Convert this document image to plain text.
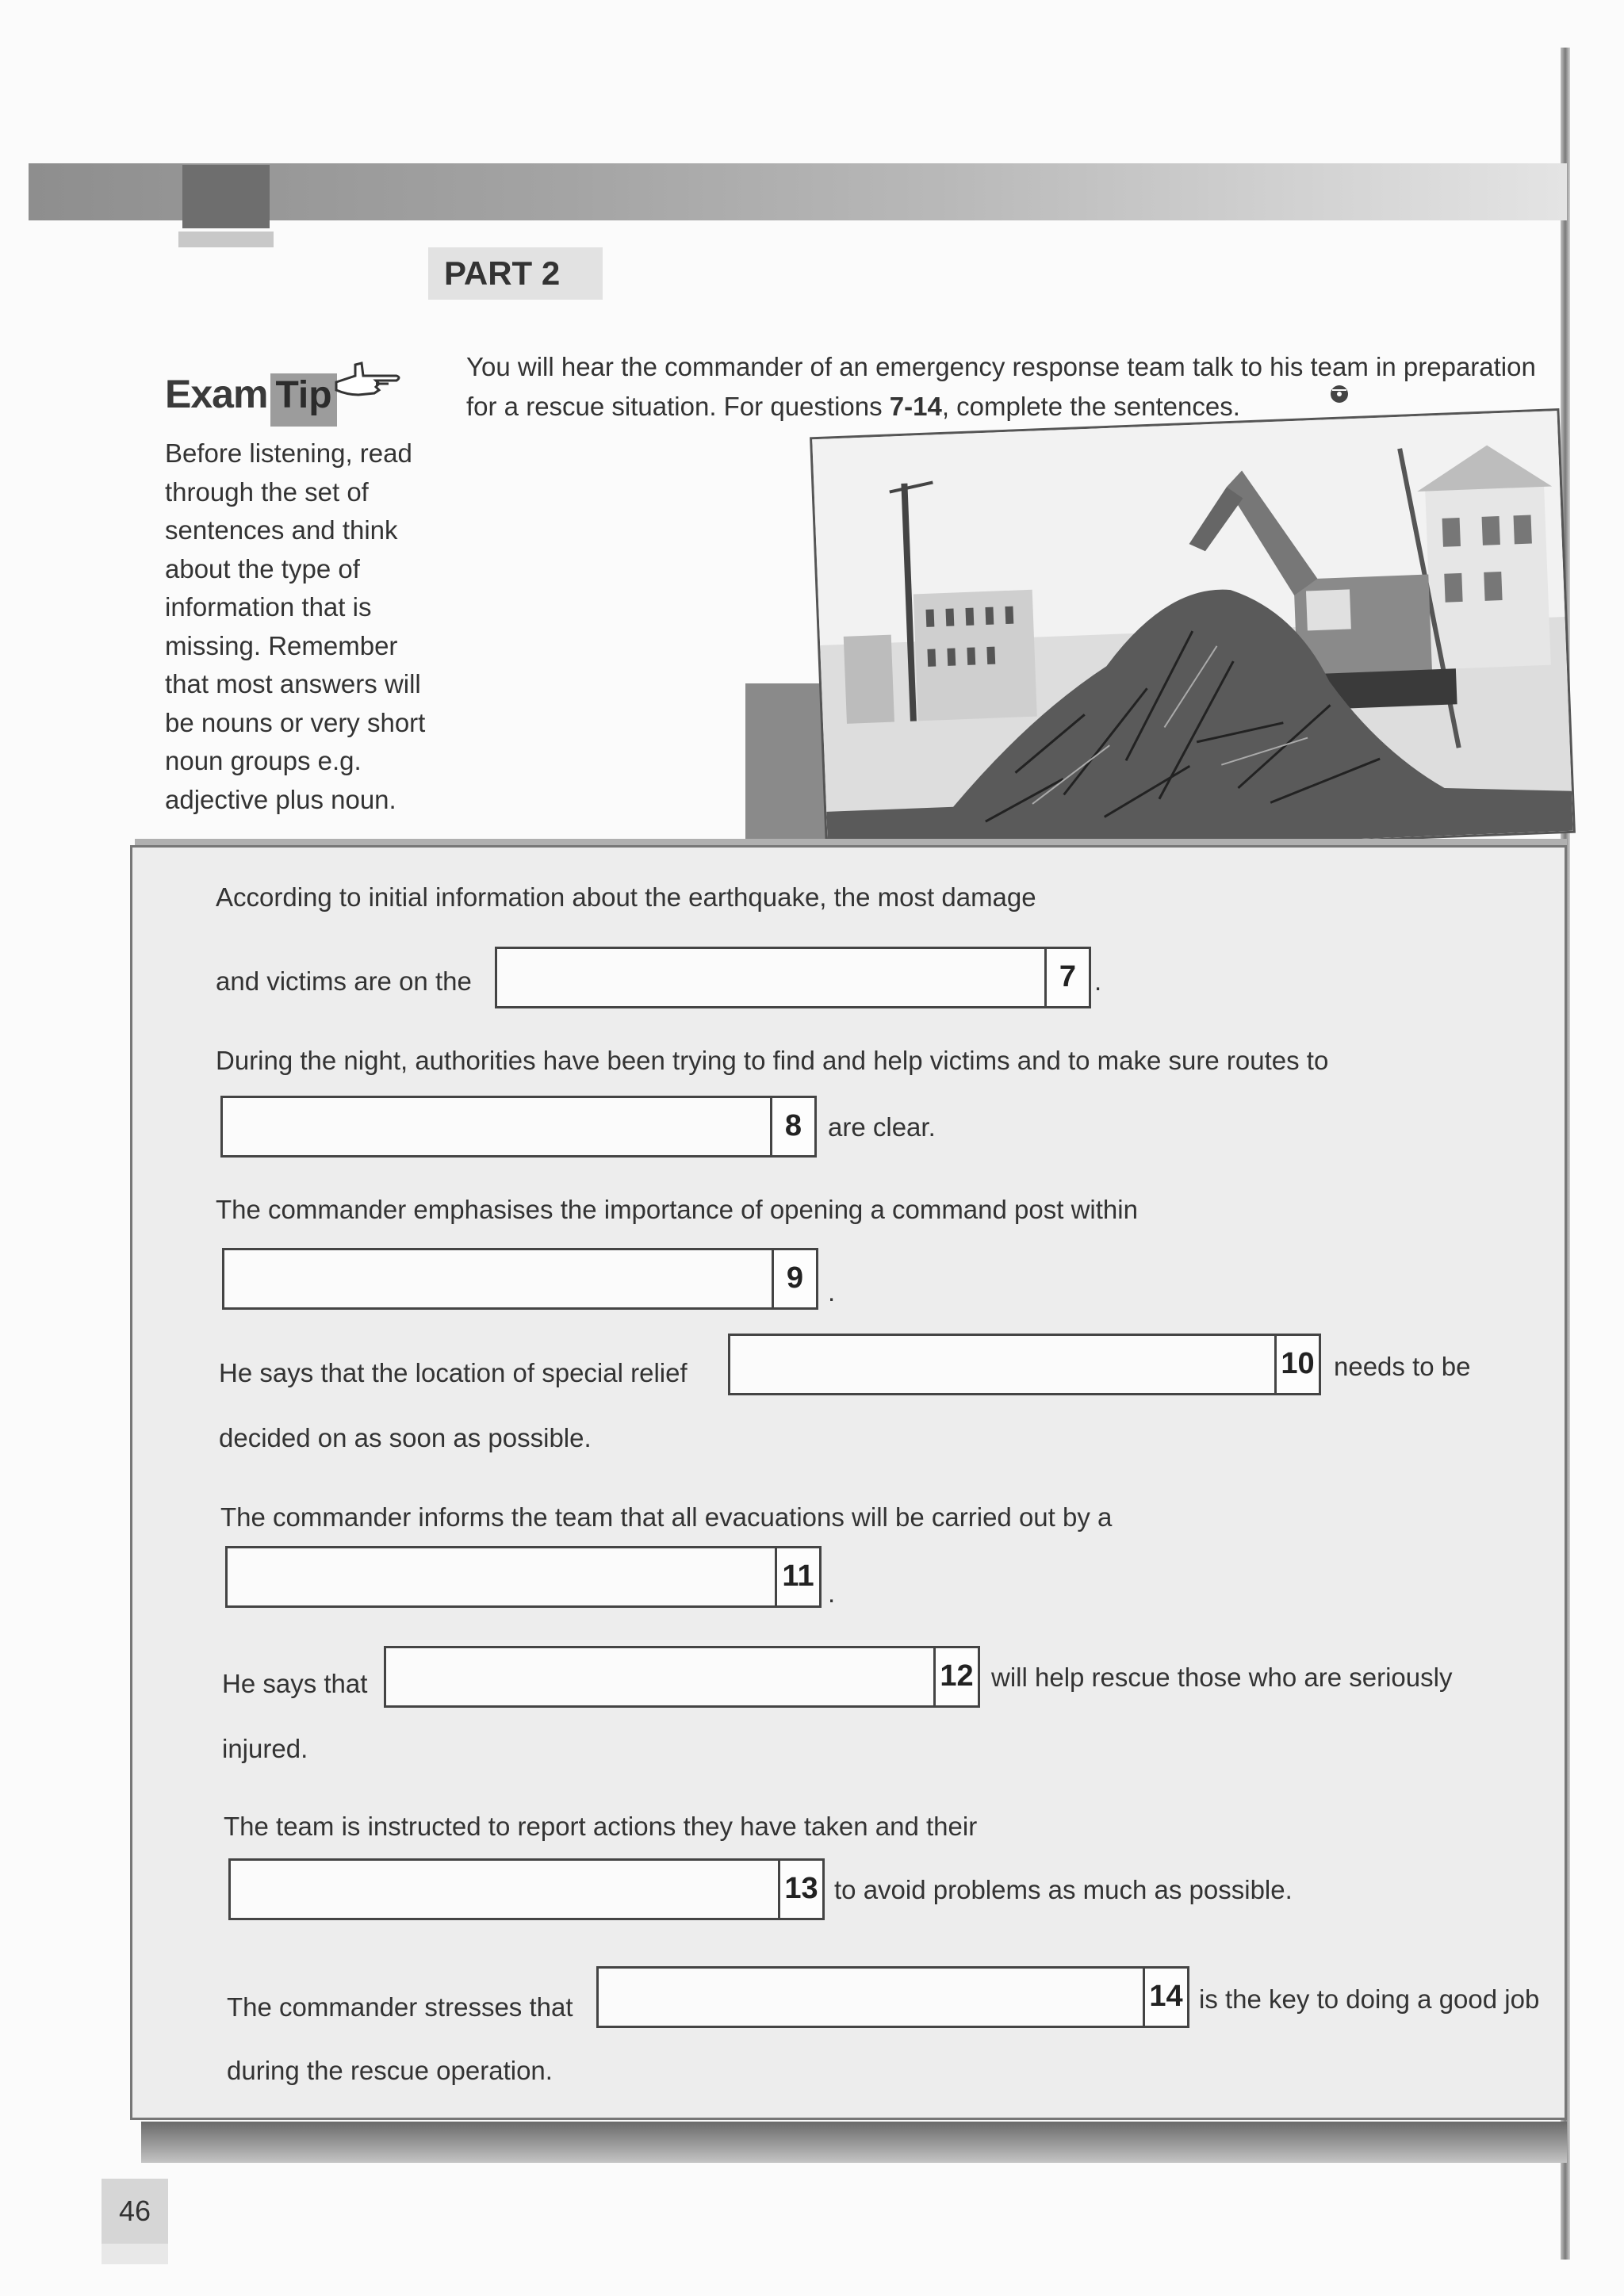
PART 2
Exam Tip
Before listening, read
through the set of
sentences and think
about the type of
information that is
missing. Remember
that most answers will
be nouns or very short
noun groups e.g.
adjective plus noun.
You will hear the commander of an emergency response team talk to his team in preparation
for a rescue situation. For questions 7-14, complete the sentences.
According to initial information about the earthquake, the most damage
and victims are on the	7 .
During the night, authorities have been trying to find and help victims and to make sure routes to
8 are clear.
The commander emphasises the importance of opening a command post within
9 .
He says that the location of special relief	10 needs to be
decided on as soon as possible.
The commander informs the team that all evacuations will be carried out by a
11
.
He says that	12 will help rescue those who are seriously
injured.
The team is instructed to report actions they have taken and their
13 to avoid problems as much as possible.
The commander stresses that	14 is the key to doing a good job
during the rescue operation.
46
